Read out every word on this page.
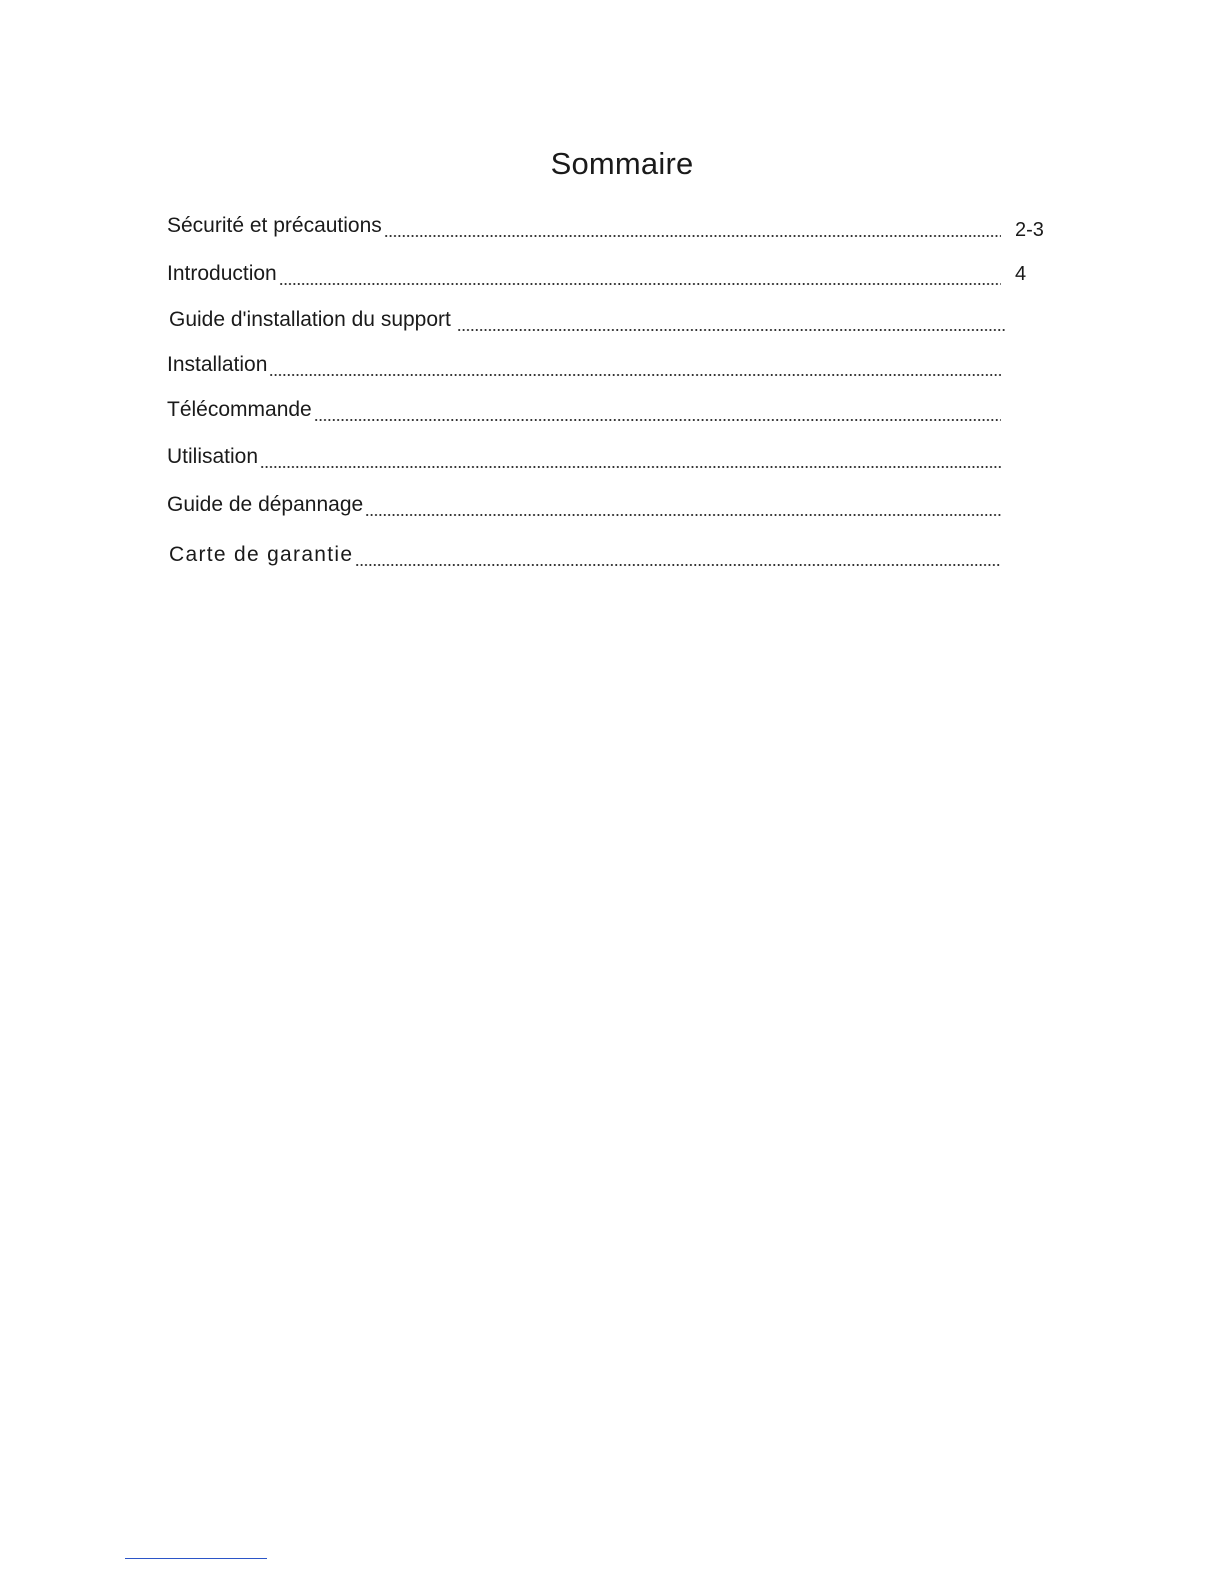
Sommaire
Sécurité et précautions	2-3
Introduction	4
Guide d'installation du support
Installation
Télécommande
Utilisation
Guide de dépannage
Carte de garantie
